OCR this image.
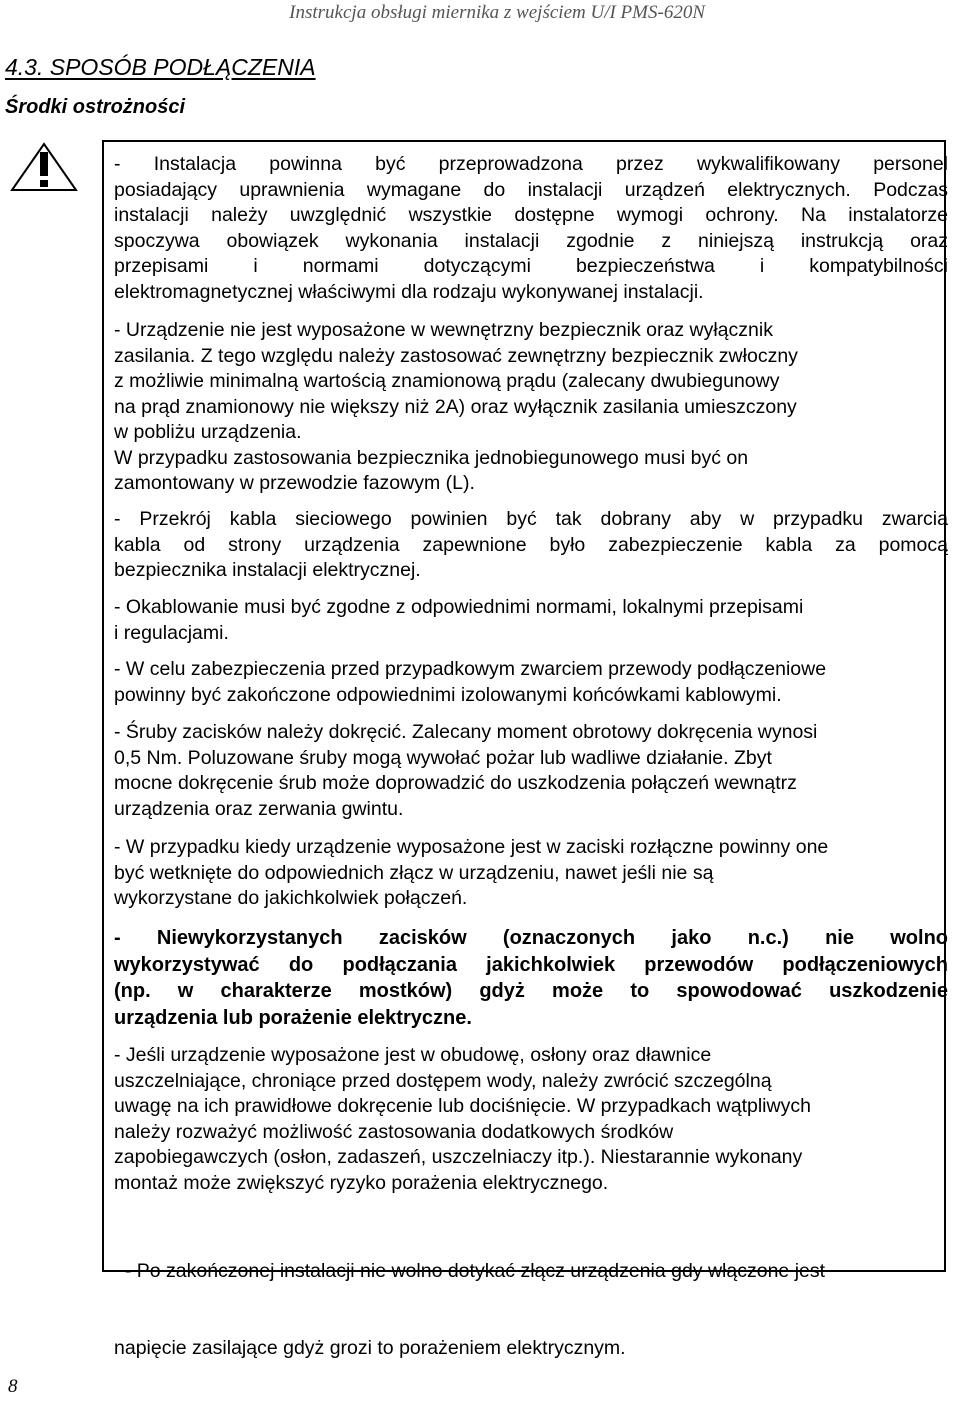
Instrukcja obsługi miernika z wejściem U/I PMS-620N
4.3. SPOSÓB PODŁĄCZENIA
Środki ostrożności

- Instalacja powinna być przeprowadzona przez wykwalifikowany personel
posiadający uprawnienia wymagane do instalacji urządzeń elektrycznych. Podczas
instalacji należy uwzględnić wszystkie dostępne wymogi ochrony. Na instalatorze
spoczywa obowiązek wykonania instalacji zgodnie z niniejszą instrukcją oraz
przepisami i normami dotyczącymi bezpieczeństwa i kompatybilności
elektromagnetycznej właściwymi dla rodzaju wykonywanej instalacji.

- Urządzenie nie jest wyposażone w wewnętrzny bezpiecznik oraz wyłącznik
zasilania. Z tego względu należy zastosować zewnętrzny bezpiecznik zwłoczny
z możliwie minimalną wartością znamionową prądu (zalecany dwubiegunowy
na prąd znamionowy nie większy niż 2A) oraz wyłącznik zasilania umieszczony
w pobliżu urządzenia.
W przypadku zastosowania bezpiecznika jednobiegunowego musi być on
zamontowany w przewodzie fazowym (L).

- Przekrój kabla sieciowego powinien być tak dobrany aby w przypadku zwarcia
kabla od strony urządzenia zapewnione było zabezpieczenie kabla za pomocą
bezpiecznika instalacji elektrycznej.

- Okablowanie musi być zgodne z odpowiednimi normami, lokalnymi przepisami
i regulacjami.

- W celu zabezpieczenia przed przypadkowym zwarciem przewody podłączeniowe
powinny być zakończone odpowiednimi izolowanymi końcówkami kablowymi.

- Śruby zacisków należy dokręcić. Zalecany moment obrotowy dokręcenia wynosi
0,5 Nm. Poluzowane śruby mogą wywołać pożar lub wadliwe działanie. Zbyt
mocne dokręcenie śrub może doprowadzić do uszkodzenia połączeń wewnątrz
urządzenia oraz zerwania gwintu.

- W przypadku kiedy urządzenie wyposażone jest w zaciski rozłączne powinny one
być wetknięte do odpowiednich złącz w urządzeniu, nawet jeśli nie są
wykorzystane do jakichkolwiek połączeń.

- Niewykorzystanych zacisków (oznaczonych jako n.c.) nie wolno
wykorzystywać do podłączania jakichkolwiek przewodów podłączeniowych
(np. w charakterze mostków) gdyż może to spowodować uszkodzenie
urządzenia lub porażenie elektryczne.

- Jeśli urządzenie wyposażone jest w obudowę, osłony oraz dławnice
uszczelniające, chroniące przed dostępem wody, należy zwrócić szczególną
uwagę na ich prawidłowe dokręcenie lub dociśnięcie. W przypadkach wątpliwych
należy rozważyć możliwość zastosowania dodatkowych środków
zapobiegawczych (osłon, zadaszeń, uszczelniaczy itp.). Niestarannie wykonany
montaż może zwiększyć ryzyko porażenia elektrycznego.

- Po zakończonej instalacji nie wolno dotykać złącz urządzenia gdy włączone jest

napięcie zasilające gdyż grozi to porażeniem elektrycznym.

8
